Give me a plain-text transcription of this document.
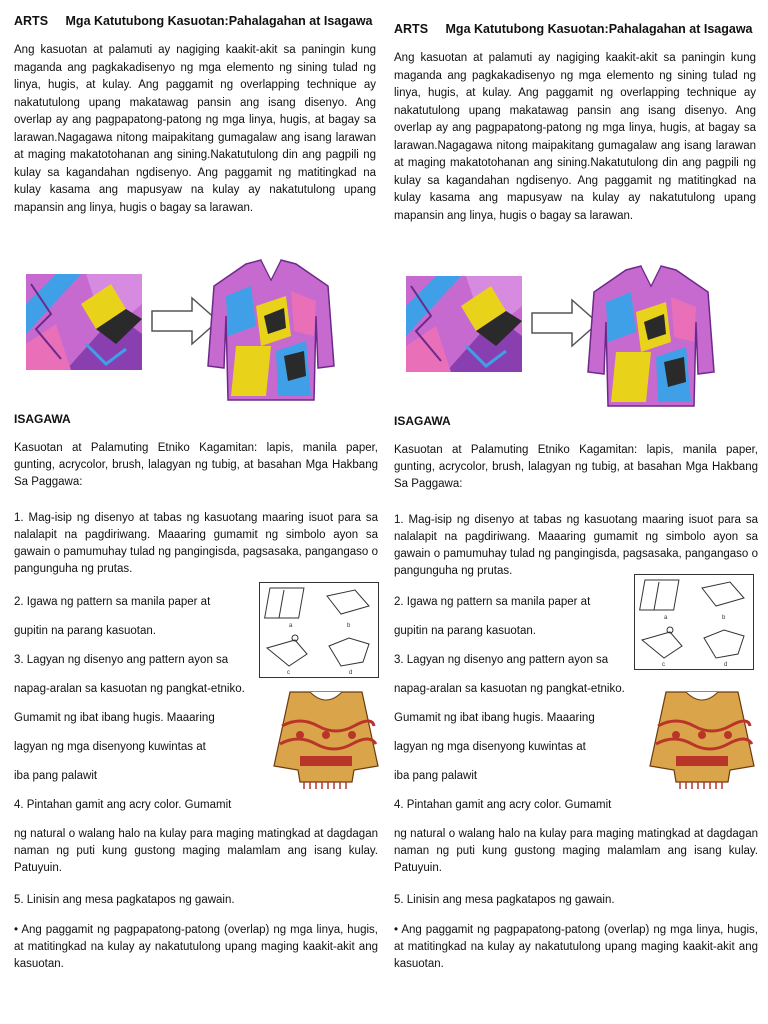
ARTS Mga Katutubong Kasuotan:Pahalagahan at Isagawa
Ang kasuotan at palamuti ay nagiging kaakit-akit sa paningin kung maganda ang pagkakadisenyo ng mga elemento ng sining tulad ng linya, hugis, at kulay. Ang paggamit ng overlapping technique ay nakatutulong upang makatawag pansin ang isang disenyo. Ang overlap ay ang pagpapatong-patong ng mga linya, hugis, at bagay sa larawan.Nagagawa nitong maipakitang gumagalaw ang isang larawan at maging makatotohanan ang sining.Nakatutulong din ang pagpili ng kulay sa kagandahan ngdisenyo. Ang paggamit ng matitingkad na kulay kasama ang mapusyaw na kulay ay nakatutulong upang mapansin ang linya, hugis o bagay sa larawan.
ISAGAWA
Kasuotan at Palamuting Etniko Kagamitan: lapis, manila paper, gunting, acrycolor, brush, lalagyan ng tubig, at basahan Mga Hakbang Sa Paggawa:
1. Mag-isip ng disenyo at tabas ng kasuotang maaring isuot para sa nalalapit na pagdiriwang. Maaaring gumamit ng simbolo ayon sa gawain o pamumuhay tulad ng pangingisda, pagsasaka, pangangaso o pangunguha ng prutas.
2. Igawa ng pattern sa manila paper at
gupitin na parang kasuotan.
3. Lagyan ng disenyo ang pattern ayon sa
napag-aralan sa kasuotan ng pangkat-etniko.
Gumamit ng ibat ibang hugis. Maaaring
lagyan ng mga disenyong kuwintas at
iba pang palawit
4. Pintahan gamit ang acry color. Gumamit
ng natural o walang halo na kulay para maging matingkad at dagdagan naman ng puti kung gustong maging malamlam ang isang kulay. Patuyuin.
5. Linisin ang mesa pagkatapos ng gawain.
• Ang paggamit ng pagpapatong-patong (overlap) ng mga linya, hugis, at matitingkad na kulay ay nakatutulong upang maging kaakit-akit ang kasuotan.
a	b
c	d
ARTS Mga Katutubong Kasuotan:Pahalagahan at Isagawa
Ang kasuotan at palamuti ay nagiging kaakit-akit sa paningin kung maganda ang pagkakadisenyo ng mga elemento ng sining tulad ng linya, hugis, at kulay. Ang paggamit ng overlapping technique ay nakatutulong upang makatawag pansin ang isang disenyo. Ang overlap ay ang pagpapatong-patong ng mga linya, hugis, at bagay sa larawan.Nagagawa nitong maipakitang gumagalaw ang isang larawan at maging makatotohanan ang sining.Nakatutulong din ang pagpili ng kulay sa kagandahan ngdisenyo. Ang paggamit ng matitingkad na kulay kasama ang mapusyaw na kulay ay nakatutulong upang mapansin ang linya, hugis o bagay sa larawan.
ISAGAWA
Kasuotan at Palamuting Etniko Kagamitan: lapis, manila paper, gunting, acrycolor, brush, lalagyan ng tubig, at basahan Mga Hakbang Sa Paggawa:
1. Mag-isip ng disenyo at tabas ng kasuotang maaring isuot para sa nalalapit na pagdiriwang. Maaaring gumamit ng simbolo ayon sa gawain o pamumuhay tulad ng pangingisda, pagsasaka, pangangaso o pangunguha ng prutas.
2. Igawa ng pattern sa manila paper at
gupitin na parang kasuotan.
3. Lagyan ng disenyo ang pattern ayon sa
napag-aralan sa kasuotan ng pangkat-etniko.
Gumamit ng ibat ibang hugis. Maaaring
lagyan ng mga disenyong kuwintas at
iba pang palawit
4. Pintahan gamit ang acry color. Gumamit
ng natural o walang halo na kulay para maging matingkad at dagdagan naman ng puti kung gustong maging malamlam ang isang kulay. Patuyuin.
5. Linisin ang mesa pagkatapos ng gawain.
• Ang paggamit ng pagpapatong-patong (overlap) ng mga linya, hugis, at matitingkad na kulay ay nakatutulong upang maging kaakit-akit ang kasuotan.
a	b
c	d
